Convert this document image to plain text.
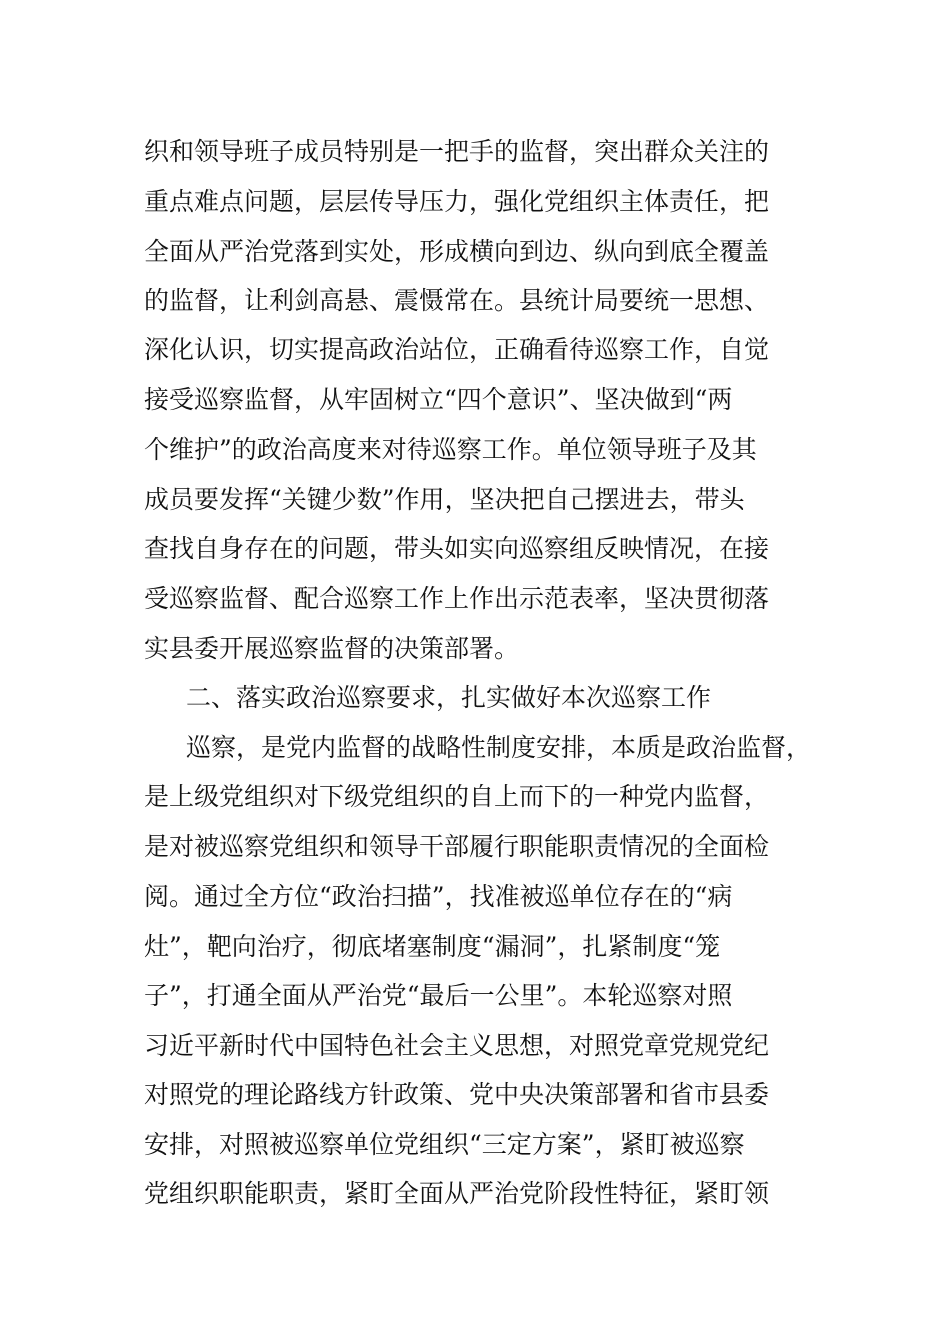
织和领导班子成员特别是一把手的监督，突出群众关注的
重点难点问题，层层传导压力，强化党组织主体责任，把
全面从严治党落到实处，形成横向到边、纵向到底全覆盖
的监督，让利剑高悬、震慑常在。县统计局要统一思想、
深化认识，切实提高政治站位，正确看待巡察工作，自觉
接受巡察监督，从牢固树立“四个意识”、坚决做到“两
个维护”的政治高度来对待巡察工作。单位领导班子及其
成员要发挥“关键少数”作用，坚决把自己摆进去，带头
查找自身存在的问题，带头如实向巡察组反映情况，在接
受巡察监督、配合巡察工作上作出示范表率，坚决贯彻落
实县委开展巡察监督的决策部署。
二、落实政治巡察要求，扎实做好本次巡察工作
巡察，是党内监督的战略性制度安排，本质是政治监督，
是上级党组织对下级党组织的自上而下的一种党内监督，
是对被巡察党组织和领导干部履行职能职责情况的全面检
阅。通过全方位“政治扫描”，找准被巡单位存在的“病
灶”，靶向治疗，彻底堵塞制度“漏洞”，扎紧制度“笼
子”，打通全面从严治党“最后一公里”。本轮巡察对照
习近平新时代中国特色社会主义思想，对照党章党规党纪
对照党的理论路线方针政策、党中央决策部署和省市县委
安排，对照被巡察单位党组织“三定方案”，紧盯被巡察
党组织职能职责，紧盯全面从严治党阶段性特征，紧盯领
